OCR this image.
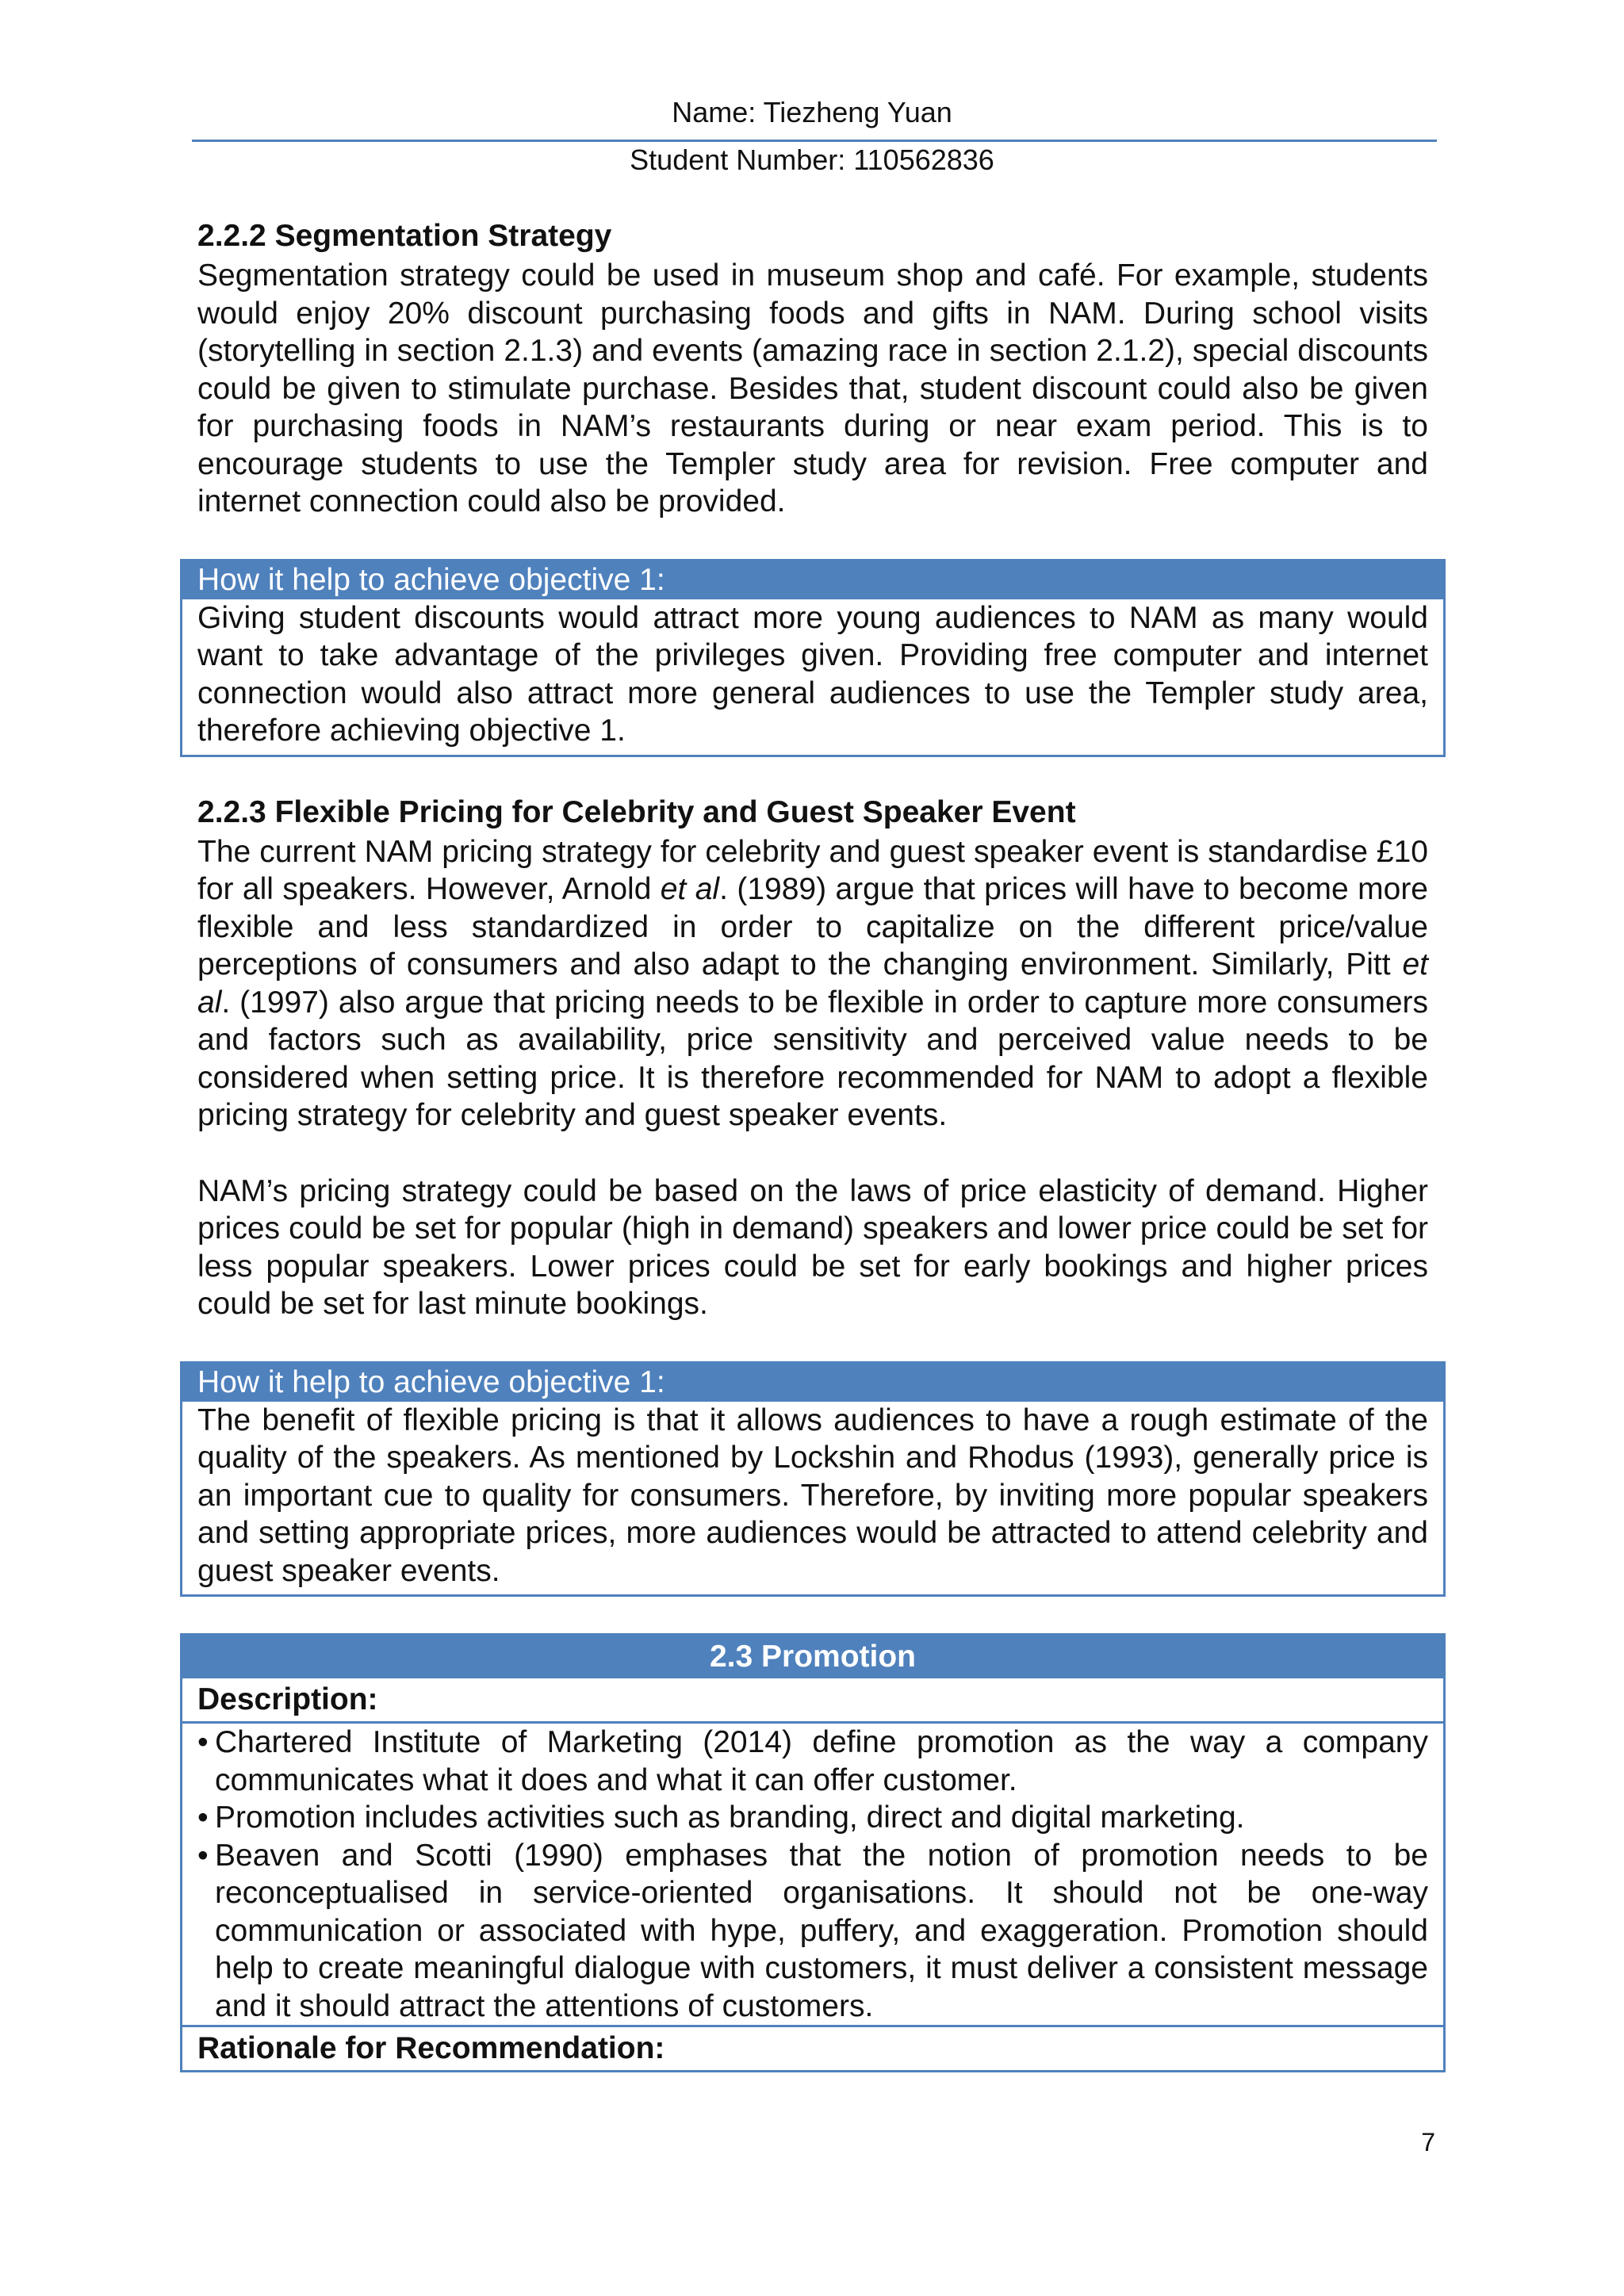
Name: Tiezheng Yuan
Student Number: 110562836
2.2.2 Segmentation Strategy

Segmentation strategy could be used in museum shop and café. For example, students would enjoy 20% discount purchasing foods and gifts in NAM. During school visits (storytelling in section 2.1.3) and events (amazing race in section 2.1.2), special discounts could be given to stimulate purchase. Besides that, student discount could also be given for purchasing foods in NAM’s restaurants during or near exam period. This is to encourage students to use the Templer study area for revision. Free computer and internet connection could also be provided.

How it help to achieve objective 1:

Giving student discounts would attract more young audiences to NAM as many would want to take advantage of the privileges given. Providing free computer and internet connection would also attract more general audiences to use the Templer study area, therefore achieving objective 1.

2.2.3 Flexible Pricing for Celebrity and Guest Speaker Event

The current NAM pricing strategy for celebrity and guest speaker event is standardise £10 for all speakers. However, Arnold et al. (1989) argue that prices will have to become more flexible and less standardized in order to capitalize on the different price/value perceptions of consumers and also adapt to the changing environment. Similarly, Pitt et al. (1997) also argue that pricing needs to be flexible in order to capture more consumers and factors such as availability, price sensitivity and perceived value needs to be considered when setting price. It is therefore recommended for NAM to adopt a flexible pricing strategy for celebrity and guest speaker events.

NAM’s pricing strategy could be based on the laws of price elasticity of demand. Higher prices could be set for popular (high in demand) speakers and lower price could be set for less popular speakers. Lower prices could be set for early bookings and higher prices could be set for last minute bookings.

How it help to achieve objective 1:

The benefit of flexible pricing is that it allows audiences to have a rough estimate of the quality of the speakers. As mentioned by Lockshin and Rhodus (1993), generally price is an important cue to quality for consumers. Therefore, by inviting more popular speakers and setting appropriate prices, more audiences would be attracted to attend celebrity and guest speaker events.

2.3 Promotion
Description:
• Chartered Institute of Marketing (2014) define promotion as the way a company communicates what it does and what it can offer customer.
• Promotion includes activities such as branding, direct and digital marketing.
• Beaven and Scotti (1990) emphases that the notion of promotion needs to be reconceptualised in service-oriented organisations. It should not be one-way communication or associated with hype, puffery, and exaggeration. Promotion should help to create meaningful dialogue with customers, it must deliver a consistent message and it should attract the attentions of customers.
Rationale for Recommendation:
7
